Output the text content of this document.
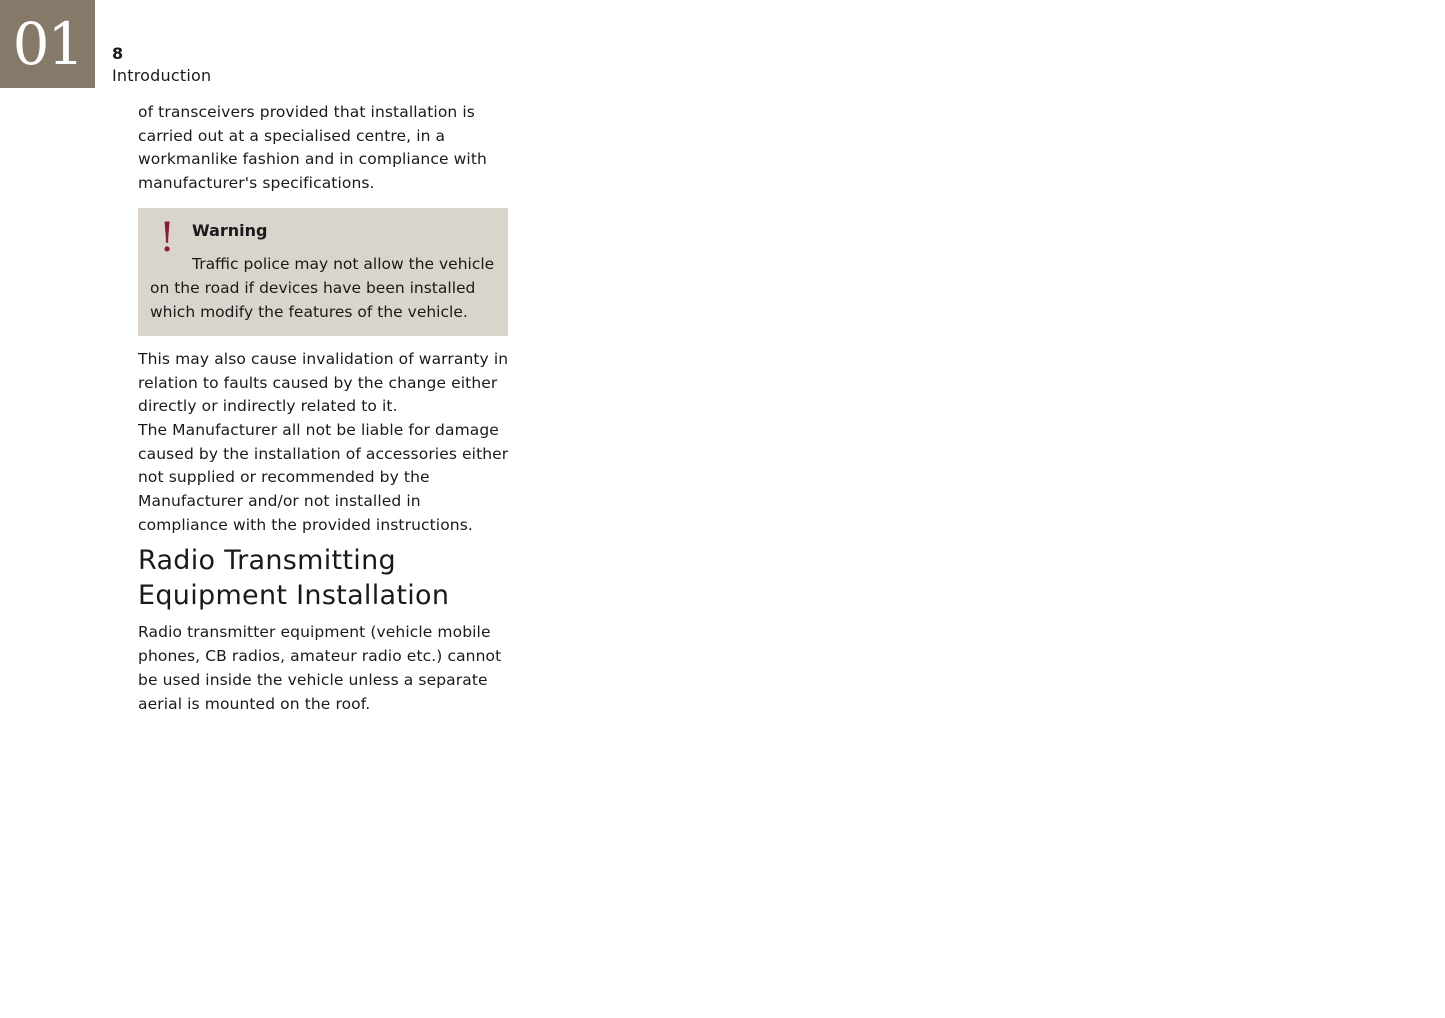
01	8
Introduction

of transceivers provided that installation is carried out at a specialised centre, in a workmanlike fashion and in compliance with manufacturer's specifications.

! Warning

Traffic police may not allow the vehicle on the road if devices have been installed which modify the features of the vehicle.

This may also cause invalidation of warranty in relation to faults caused by the change either directly or indirectly related to it.

The Manufacturer all not be liable for damage caused by the installation of accessories either not supplied or recommended by the Manufacturer and/or not installed in compliance with the provided instructions.

Radio Transmitting Equipment Installation

Radio transmitter equipment (vehicle mobile phones, CB radios, amateur radio etc.) cannot be used inside the vehicle unless a separate aerial is mounted on the roof.
